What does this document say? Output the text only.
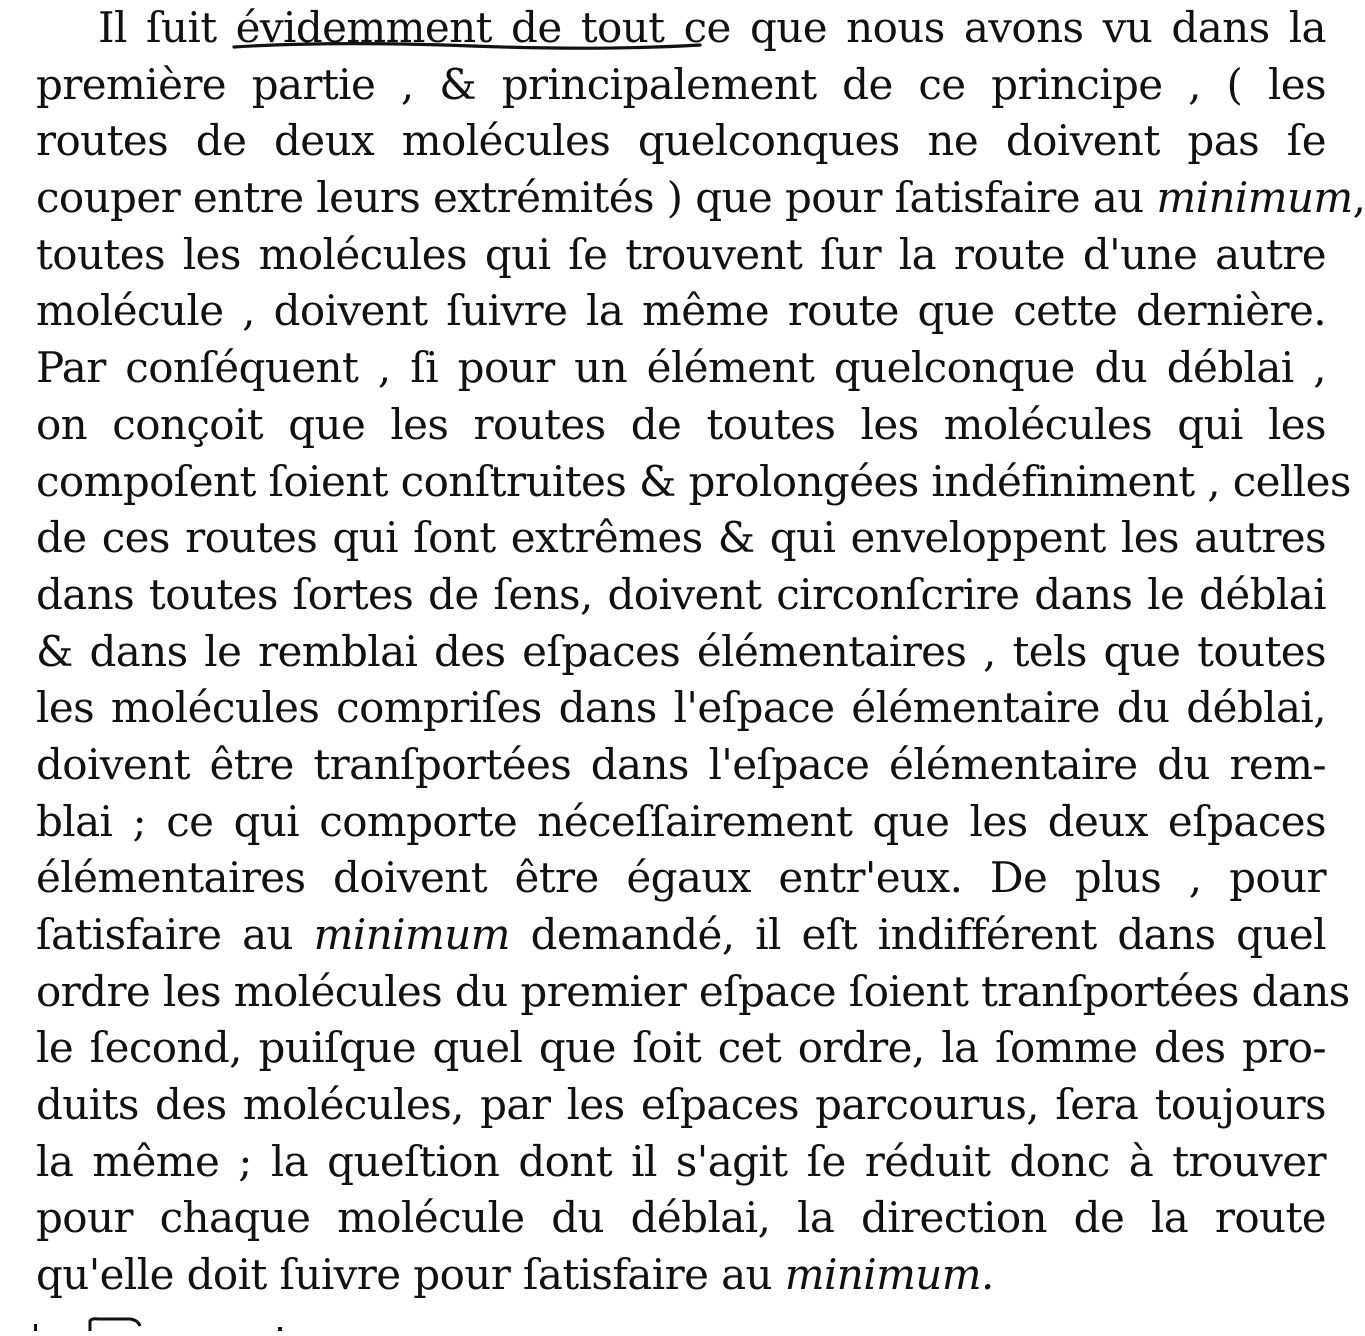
Il ſuit évidemment de tout ce que nous avons vu dans la
première partie , & principalement de ce principe , ( les
routes de deux molécules quelconques ne doivent pas ſe
couper entre leurs extrémités ) que pour ſatisfaire au minimum,
toutes les molécules qui ſe trouvent ſur la route d'une autre
molécule , doivent ſuivre la même route que cette dernière.
Par conſéquent , ſi pour un élément quelconque du déblai ,
on conçoit que les routes de toutes les molécules qui les
compoſent ſoient conſtruites & prolongées indéfiniment , celles
de ces routes qui ſont extrêmes & qui enveloppent les autres
dans toutes ſortes de ſens, doivent circonſcrire dans le déblai
& dans le remblai des eſpaces élémentaires , tels que toutes
les molécules compriſes dans l'eſpace élémentaire du déblai,
doivent être tranſportées dans l'eſpace élémentaire du rem-
blai ; ce qui comporte néceſſairement que les deux eſpaces
élémentaires doivent être égaux entr'eux. De plus , pour
ſatisfaire au minimum demandé, il eſt indifférent dans quel
ordre les molécules du premier eſpace ſoient tranſportées dans
le ſecond, puiſque quel que ſoit cet ordre, la ſomme des pro-
duits des molécules, par les eſpaces parcourus, ſera toujours
la même ; la queſtion dont il s'agit ſe réduit donc à trouver
pour chaque molécule du déblai, la direction de la route
qu'elle doit ſuivre pour ſatisfaire au minimum.
